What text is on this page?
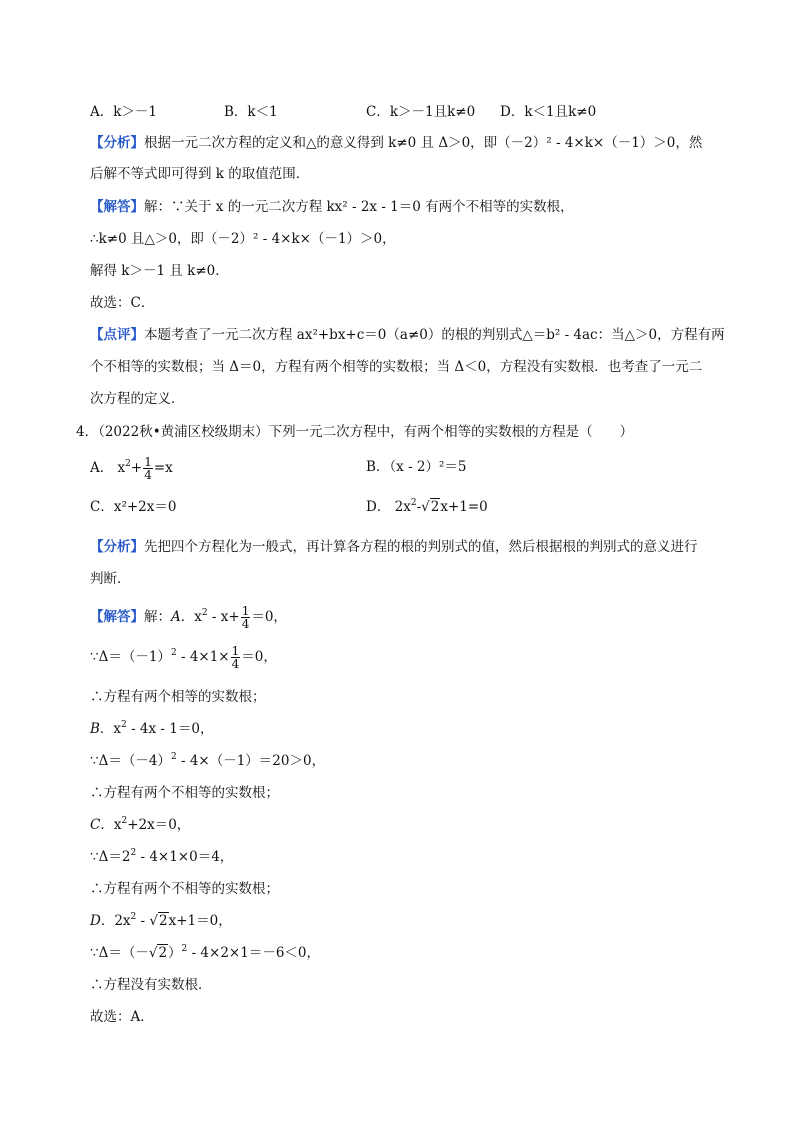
A．k＞－1	B．k＜1	C．k＞－1且k≠0 D．k＜1且k≠0
【分析】根据一元二次方程的定义和△的意义得到 k≠0 且 Δ＞0，即（－2）² - 4×k×（－1）＞0，然
后解不等式即可得到 k 的取值范围．
【解答】解：∵关于 x 的一元二次方程 kx² - 2x - 1＝0 有两个不相等的实数根，
∴k≠0 且△＞0，即（－2）² - 4×k×（－1）＞0，
解得 k＞－1 且 k≠0．
故选：C．
【点评】本题考查了一元二次方程 ax²+bx+c＝0（a≠0）的根的判别式△＝b² - 4ac：当△＞0，方程有两
个不相等的实数根；当 Δ＝0，方程有两个相等的实数根；当 Δ＜0，方程没有实数根．也考查了一元二
次方程的定义．
4．（2022秋•黄浦区校级期末）下列一元二次方程中，有两个相等的实数根的方程是（　　）
A． $x^2+ \frac{1}{4} =x$	B．（x - 2）²＝5
C．x²+2x＝0	D． $2x^2-√2x+1=0$
【分析】先把四个方程化为一般式，再计算各方程的根的判别式的值，然后根据根的判别式的意义进行
判断．
【解答】解：A．$x^2 - x+ \frac{1}{4} =0$，
$\because\Delta=(-1)^2 - 4\times 1\times \frac{1}{4} =0$，
∴方程有两个相等的实数根；
B．$x^2 - 4x - 1=0$，
$\because\Delta=(-4)^2 - 4\times(-1)=20>0$，
∴方程有两个不相等的实数根；
C．$x^2+2x=0$，
$\because\Delta=2^2 - 4\times 1\times 0=4$，
∴方程有两个不相等的实数根；
D．$2x^2 - √2x+1=0$，
$\because\Delta=(-√2)^2 - 4\times 2\times 1=-6<0$，
∴方程没有实数根．
故选：A．
